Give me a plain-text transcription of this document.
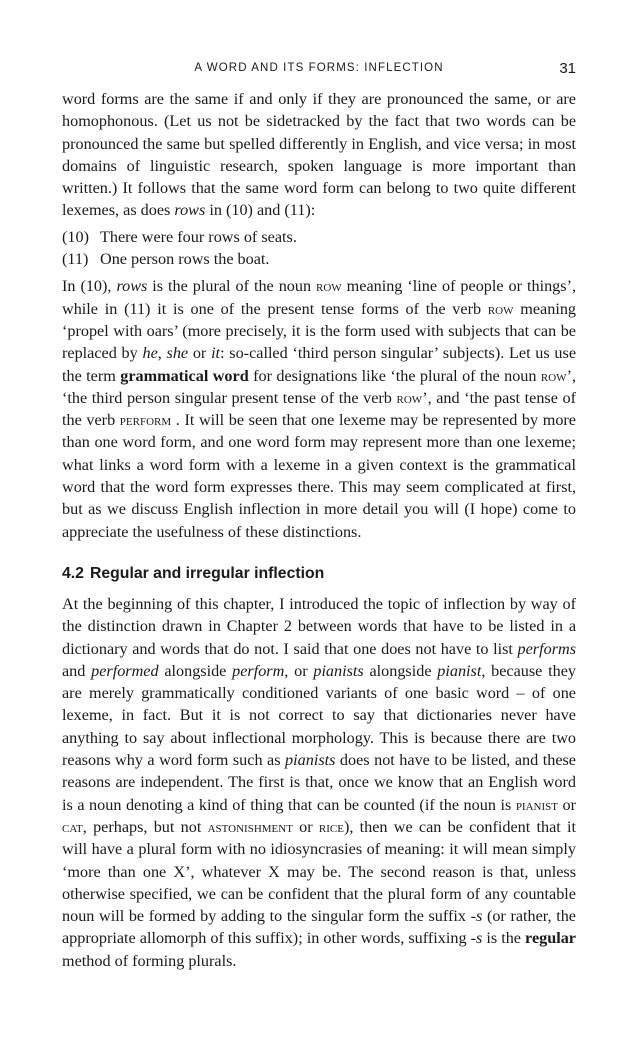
A WORD AND ITS FORMS: INFLECTION	31

word forms are the same if and only if they are pronounced the same, or are homophonous. (Let us not be sidetracked by the fact that two words can be pronounced the same but spelled differently in English, and vice versa; in most domains of linguistic research, spoken language is more important than written.) It follows that the same word form can belong to two quite different lexemes, as does rows in (10) and (11):

(10) There were four rows of seats.
(11) One person rows the boat.

In (10), rows is the plural of the noun row meaning ‘line of people or things’, while in (11) it is one of the present tense forms of the verb row meaning ‘propel with oars’ (more precisely, it is the form used with subjects that can be replaced by he, she or it: so-called ‘third person singular’ subjects). Let us use the term grammatical word for designations like ‘the plural of the noun row’, ‘the third person singular present tense of the verb row’, and ‘the past tense of the verb perform . It will be seen that one lexeme may be represented by more than one word form, and one word form may represent more than one lexeme; what links a word form with a lexeme in a given context is the grammatical word that the word form expresses there. This may seem complicated at first, but as we discuss English inflection in more detail you will (I hope) come to appreciate the usefulness of these distinctions.

4.2 Regular and irregular inflection

At the beginning of this chapter, I introduced the topic of inflection by way of the distinction drawn in Chapter 2 between words that have to be listed in a dictionary and words that do not. I said that one does not have to list performs and performed alongside perform, or pianists alongside pianist, because they are merely grammatically conditioned variants of one basic word – of one lexeme, in fact. But it is not correct to say that dictionaries never have anything to say about inflectional morphology. This is because there are two reasons why a word form such as pianists does not have to be listed, and these reasons are independent. The first is that, once we know that an English word is a noun denoting a kind of thing that can be counted (if the noun is pianist or cat, perhaps, but not astonishment or rice), then we can be confident that it will have a plural form with no idiosyncrasies of meaning: it will mean simply ‘more than one X’, whatever X may be. The second reason is that, unless otherwise specified, we can be confident that the plural form of any countable noun will be formed by adding to the singular form the suffix -s (or rather, the appropriate allomorph of this suffix); in other words, suffixing -s is the regular method of forming plurals.
